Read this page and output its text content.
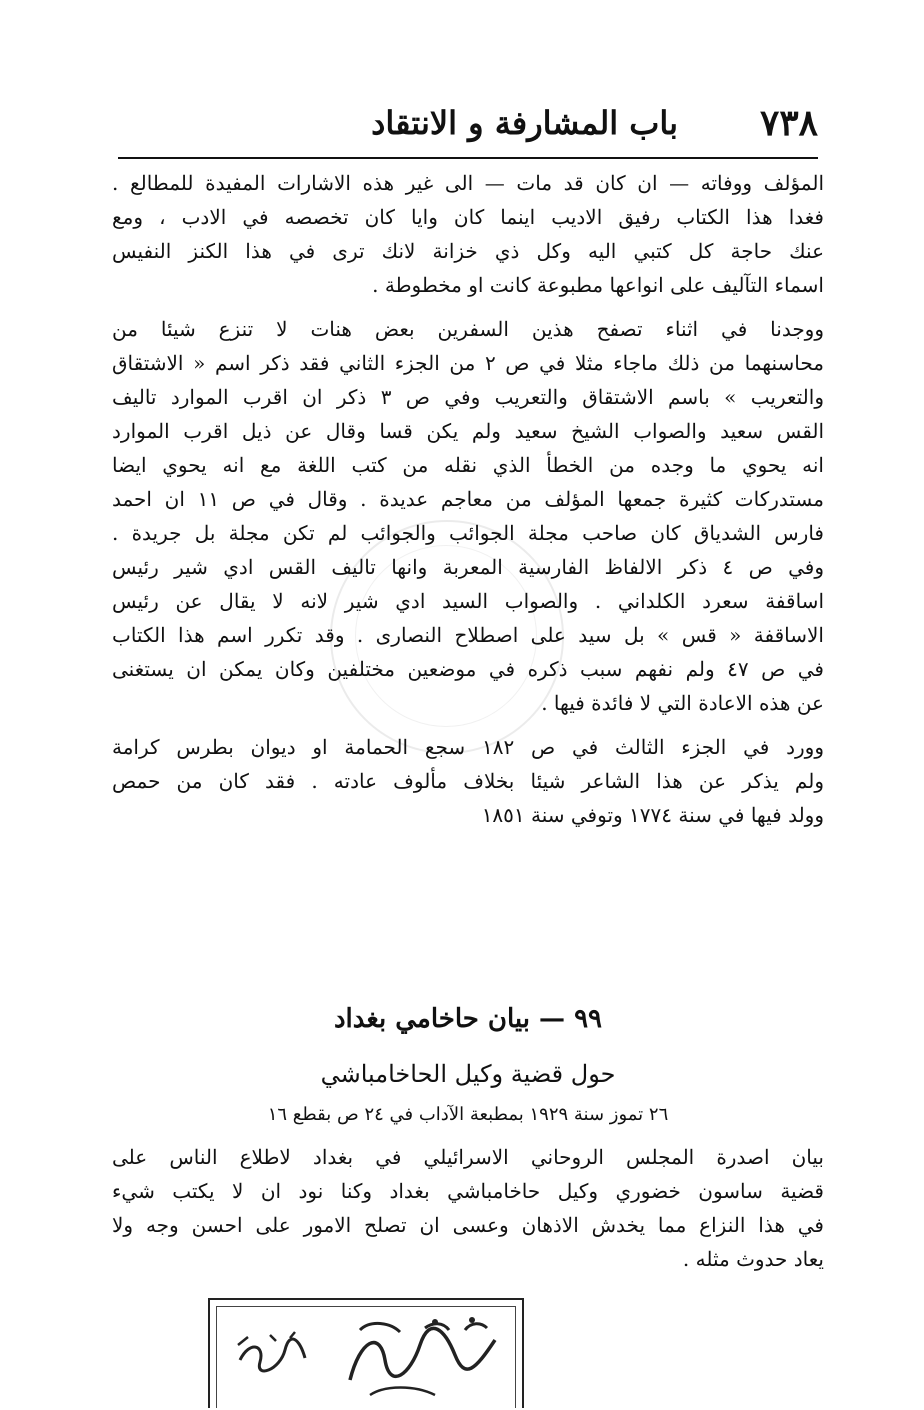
٧٣٨
باب المشارفة و الانتقاد
المؤلف ووفاته — ان كان قد مات — الى غير هذه الاشارات المفيدة للمطالع .
فغدا هذا الكتاب رفيق الاديب اينما كان وايا كان تخصصه في الادب ، ومع
عنك حاجة كل كتبي اليه وكل ذي خزانة لانك ترى في هذا الكنز النفيس
اسماء التآليف على انواعها مطبوعة كانت او مخطوطة .
ووجدنا في اثناء تصفح هذين السفرين بعض هنات لا تنزع شيئا من
محاسنهما من ذلك ماجاء مثلا في ص ٢ من الجزء الثاني فقد ذكر اسم « الاشتقاق
والتعريب » باسم الاشتقاق والتعريب وفي ص ٣ ذكر ان اقرب الموارد تاليف
القس سعيد والصواب الشيخ سعيد ولم يكن قسا وقال عن ذيل اقرب الموارد
انه يحوي ما وجده من الخطأ الذي نقله من كتب اللغة مع انه يحوي ايضا
مستدركات كثيرة جمعها المؤلف من معاجم عديدة . وقال في ص ١١ ان احمد
فارس الشدياق كان صاحب مجلة الجوائب والجوائب لم تكن مجلة بل جريدة .
وفي ص ٤ ذكر الالفاظ الفارسية المعربة وانها تاليف القس ادي شير رئيس
اساقفة سعرد الكلداني . والصواب السيد ادي شير لانه لا يقال عن رئيس
الاساقفة « قس » بل سيد على اصطلاح النصارى . وقد تكرر اسم هذا الكتاب
في ص ٤٧ ولم نفهم سبب ذكره في موضعين مختلفين وكان يمكن ان يستغنى
عن هذه الاعادة التي لا فائدة فيها .
وورد في الجزء الثالث في ص ١٨٢ سجع الحمامة او ديوان بطرس كرامة
ولم يذكر عن هذا الشاعر شيئا بخلاف مألوف عادته . فقد كان من حمص
وولد فيها في سنة ١٧٧٤ وتوفي سنة ١٨٥١
٩٩ — بيان حاخامي بغداد
حول قضية وكيل الحاخامباشي
٢٦ تموز سنة ١٩٢٩ بمطبعة الآداب في ٢٤ ص بقطع ١٦
بيان اصدرة المجلس الروحاني الاسرائيلي في بغداد لاطلاع الناس على
قضية ساسون خضوري وكيل حاخامباشي بغداد وكنا نود ان لا يكتب شيء
في هذا النزاع مما يخدش الاذهان وعسى ان تصلح الامور على احسن وجه ولا
يعاد حدوث مثله .
